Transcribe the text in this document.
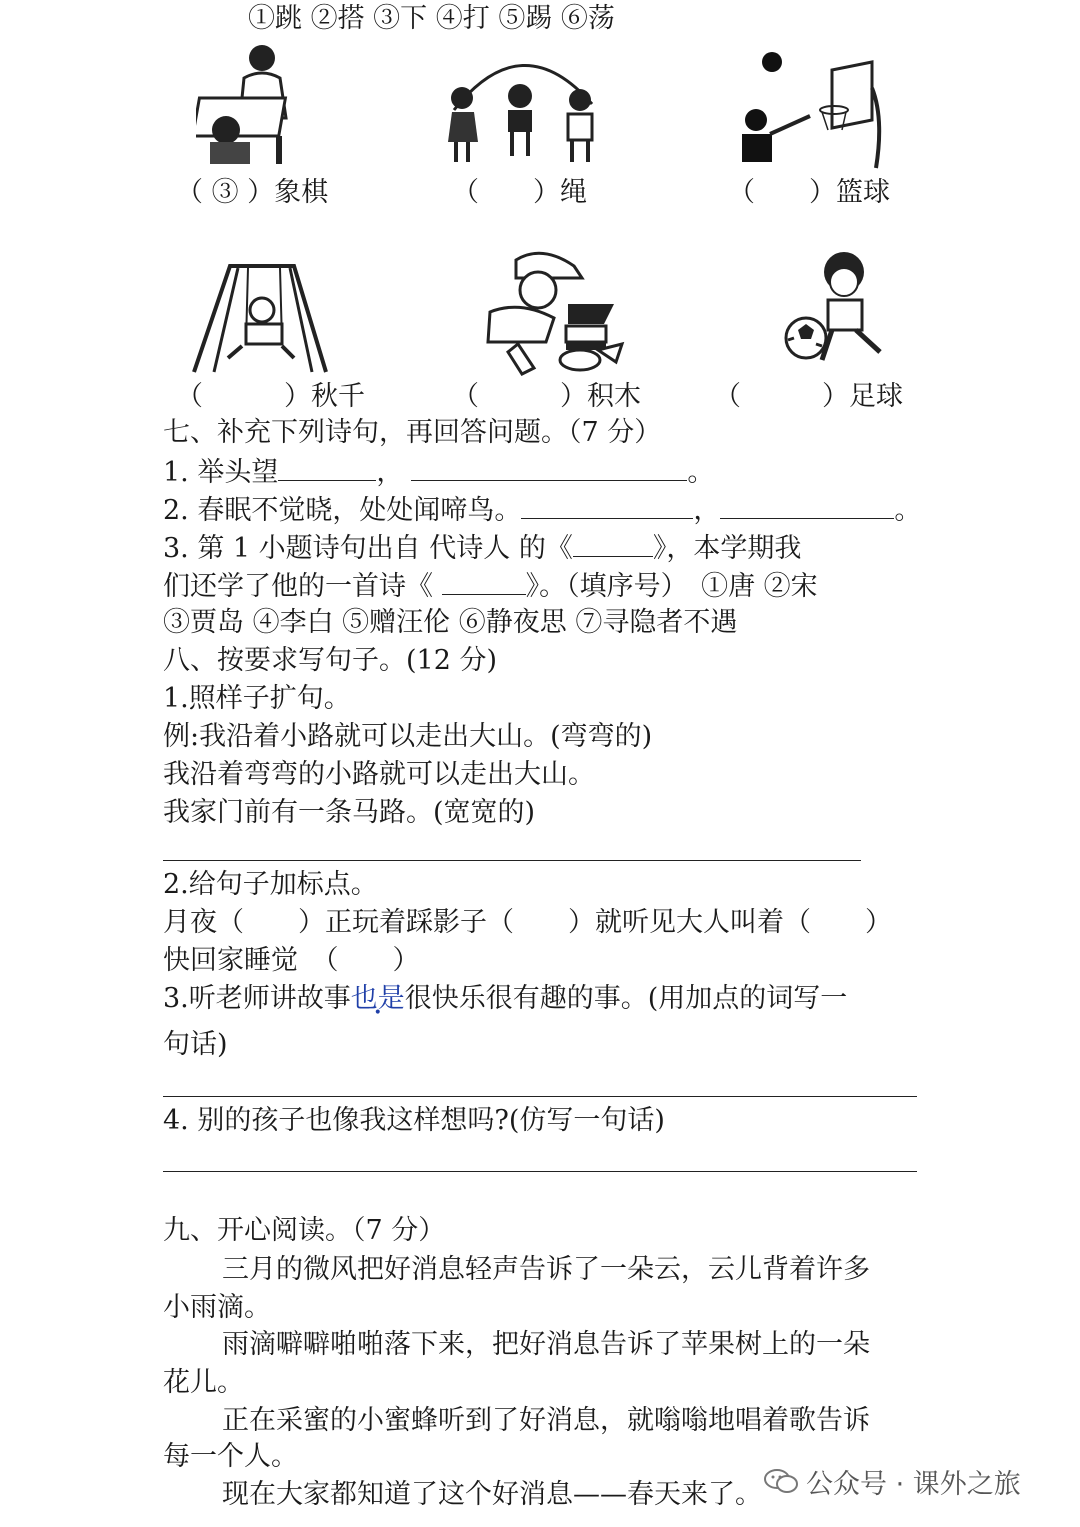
①跳 ②搭 ③下 ④打 ⑤踢 ⑥荡
（ ③ ）象棋	（　　）绳	（　　）篮球
（　　　）秋千	（　　　）积木	（　　　）足球
七、补充下列诗句，再回答问题。（7 分）
1. 举头望	，	。
2. 春眠不觉晓，处处闻啼鸟。	，	。
3. 第 1 小题诗句出自 代诗人 的《	》，本学期我
们还学了他的一首诗《	》。（填序号）　①唐 ②宋
③贾岛 ④李白 ⑤赠汪伦 ⑥静夜思 ⑦寻隐者不遇
八、按要求写句子。(12 分)
1.照样子扩句。
例:我沿着小路就可以走出大山。(弯弯的)
我沿着弯弯的小路就可以走出大山。
我家门前有一条马路。(宽宽的)
2.给句子加标点。
月夜（　　）正玩着踩影子（　　）就听见大人叫着（　　）
快回家睡觉　（　　）
3.听老师讲故事也是很快乐很有趣的事。(用加点的词写一
句话)
4. 别的孩子也像我这样想吗?(仿写一句话)
九、开心阅读。（7 分）
三月的微风把好消息轻声告诉了一朵云，云儿背着许多
小雨滴。
雨滴噼噼啪啪落下来，把好消息告诉了苹果树上的一朵
花儿。
正在采蜜的小蜜蜂听到了好消息，就嗡嗡地唱着歌告诉
每一个人。
现在大家都知道了这个好消息——春天来了。 公众号 · 课外之旅
